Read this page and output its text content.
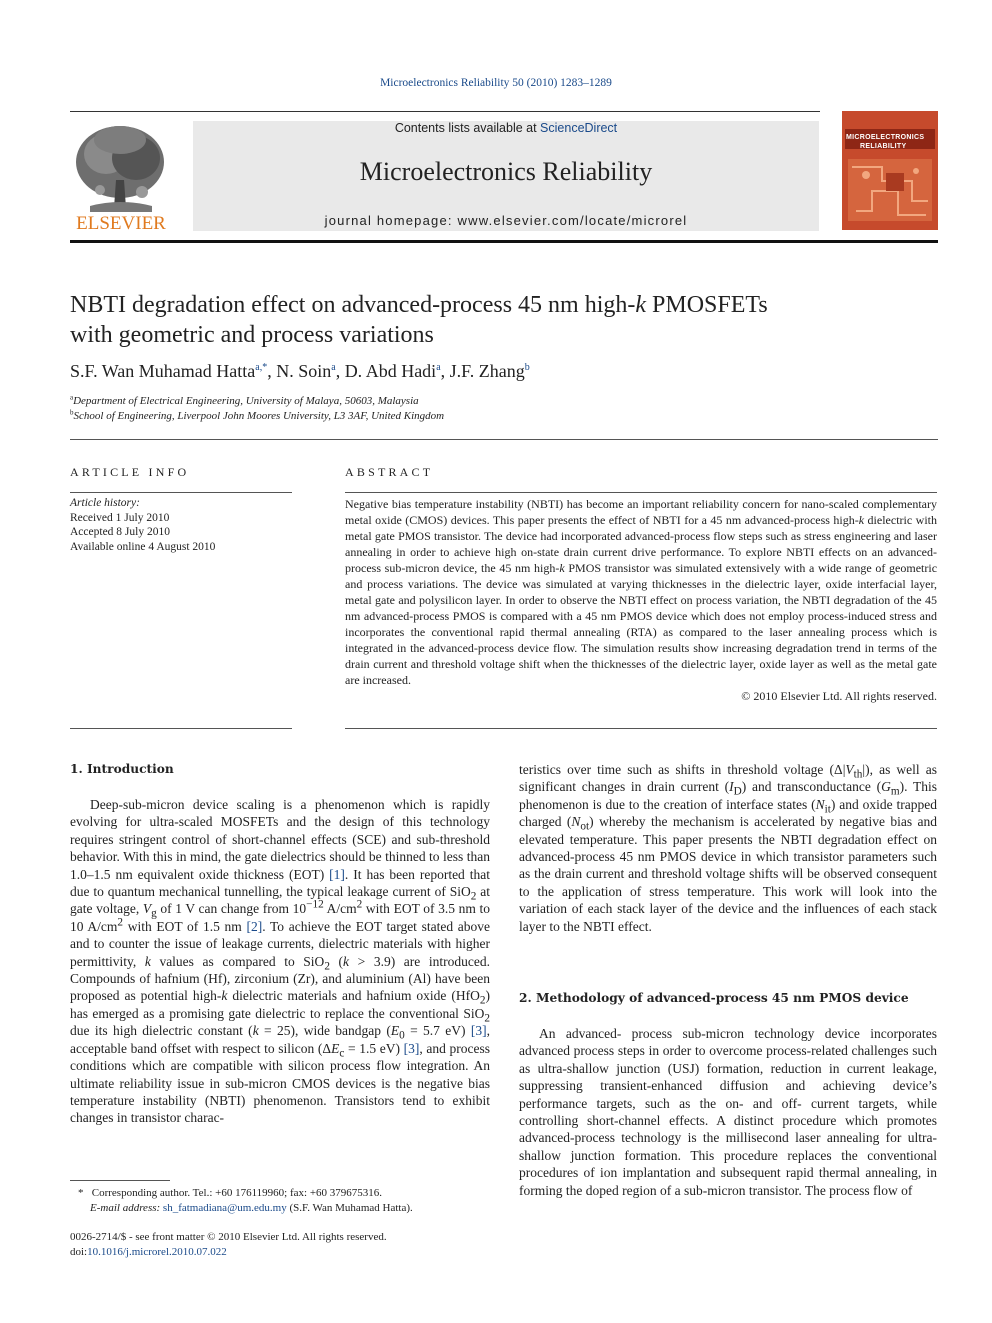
Microelectronics Reliability 50 (2010) 1283–1289
ELSEVIER
Contents lists available at ScienceDirect
Microelectronics Reliability
journal homepage: www.elsevier.com/locate/microrel
MICROELECTRONICS
RELIABILITY
NBTI degradation effect on advanced-process 45 nm high-k PMOSFETs
with geometric and process variations
S.F. Wan Muhamad Hatta$^{a,*}$, N. Soin$^a$, D. Abd Hadi$^a$, J.F. Zhang$^b$
$^a$Department of Electrical Engineering, University of Malaya, 50603, Malaysia
$^b$School of Engineering, Liverpool John Moores University, L3 3AF, United Kingdom
ARTICLE INFO
Article history:
Received 1 July 2010
Accepted 8 July 2010
Available online 4 August 2010
ABSTRACT
Negative bias temperature instability (NBTI) has become an important reliability concern for nano-scaled complementary metal oxide (CMOS) devices. This paper presents the effect of NBTI for a 45 nm advanced-process high-k dielectric with metal gate PMOS transistor. The device had incorporated advanced-process flow steps such as stress engineering and laser annealing in order to achieve high on-state drain current drive performance. To explore NBTI effects on an advanced-process sub-micron device, the 45 nm high-k PMOS transistor was simulated extensively with a wide range of geometric and process variations. The device was simulated at varying thicknesses in the dielectric layer, oxide interfacial layer, metal gate and polysilicon layer. In order to observe the NBTI effect on process variation, the NBTI degradation of the 45 nm advanced-process PMOS is compared with a 45 nm PMOS device which does not employ process-induced stress and incorporates the conventional rapid thermal annealing (RTA) as compared to the laser annealing process which is integrated in the advanced-process device flow. The simulation results show increasing degradation trend in terms of the drain current and threshold voltage shift when the thicknesses of the dielectric layer, oxide layer as well as the metal gate are increased.
© 2010 Elsevier Ltd. All rights reserved.
1. Introduction

Deep-sub-micron device scaling is a phenomenon which is rapidly evolving for ultra-scaled MOSFETs and the design of this technology requires stringent control of short-channel effects (SCE) and sub-threshold behavior. With this in mind, the gate dielectrics should be thinned to less than 1.0–1.5 nm equivalent oxide thickness (EOT) [1]. It has been reported that due to quantum mechanical tunnelling, the typical leakage current of SiO$_2$ at gate voltage, $V_g$ of 1 V can change from $10^{-12}$ $A/cm^2$ with EOT of 3.5 nm to 10 $A/cm^2$ with EOT of 1.5 nm [2]. To achieve the EOT target stated above and to counter the issue of leakage currents, dielectric materials with higher permittivity, k values as compared to SiO$_2$ (k > 3.9) are introduced. Compounds of hafnium (Hf), zirconium (Zr), and aluminium (Al) have been proposed as potential high-k dielectric materials and hafnium oxide (HfO$_2$) has emerged as a promising gate dielectric to replace the conventional SiO$_2$ due its high dielectric constant (k = 25), wide bandgap ($E_0 = 5.7$ eV) [3], acceptable band offset with respect to silicon ($\Delta E_c = 1.5$ eV) [3], and process conditions which are compatible with silicon process flow integration. An ultimate reliability issue in sub-micron CMOS devices is the negative bias temperature instability (NBTI) phenomenon. Transistors tend to exhibit changes in transistor charac-

teristics over time such as shifts in threshold voltage $(\Delta|V_{th}|)$, as well as significant changes in drain current $(I_D)$ and transconductance $(G_m)$. This phenomenon is due to the creation of interface states $(N_{it})$ and oxide trapped charged $(N_{ot})$ whereby the mechanism is accelerated by negative bias and elevated temperature. This paper presents the NBTI degradation effect on advanced-process 45 nm PMOS device in which transistor parameters such as the drain current and threshold voltage shifts will be observed consequent to the application of stress temperature. This work will look into the variation of each stack layer of the device and the influences of each stack layer to the NBTI effect.

2. Methodology of advanced-process 45 nm PMOS device

An advanced- process sub-micron technology device incorporates advanced process steps in order to overcome process-related challenges such as ultra-shallow junction (USJ) formation, reduction in current leakage, suppressing transient-enhanced diffusion and achieving device’s performance targets, such as the on- and off- current targets, while controlling short-channel effects. A distinct procedure which promotes advanced-process technology is the millisecond laser annealing for ultra-shallow junction formation. This procedure replaces the conventional procedures of ion implantation and subsequent rapid thermal annealing, in forming the doped region of a sub-micron transistor. The process flow of

* Corresponding author. Tel.: +60 176119960; fax: +60 379675316.
E-mail address: sh_fatmadiana@um.edu.my (S.F. Wan Muhamad Hatta).
0026-2714/$ - see front matter © 2010 Elsevier Ltd. All rights reserved.
doi:10.1016/j.microrel.2010.07.022
